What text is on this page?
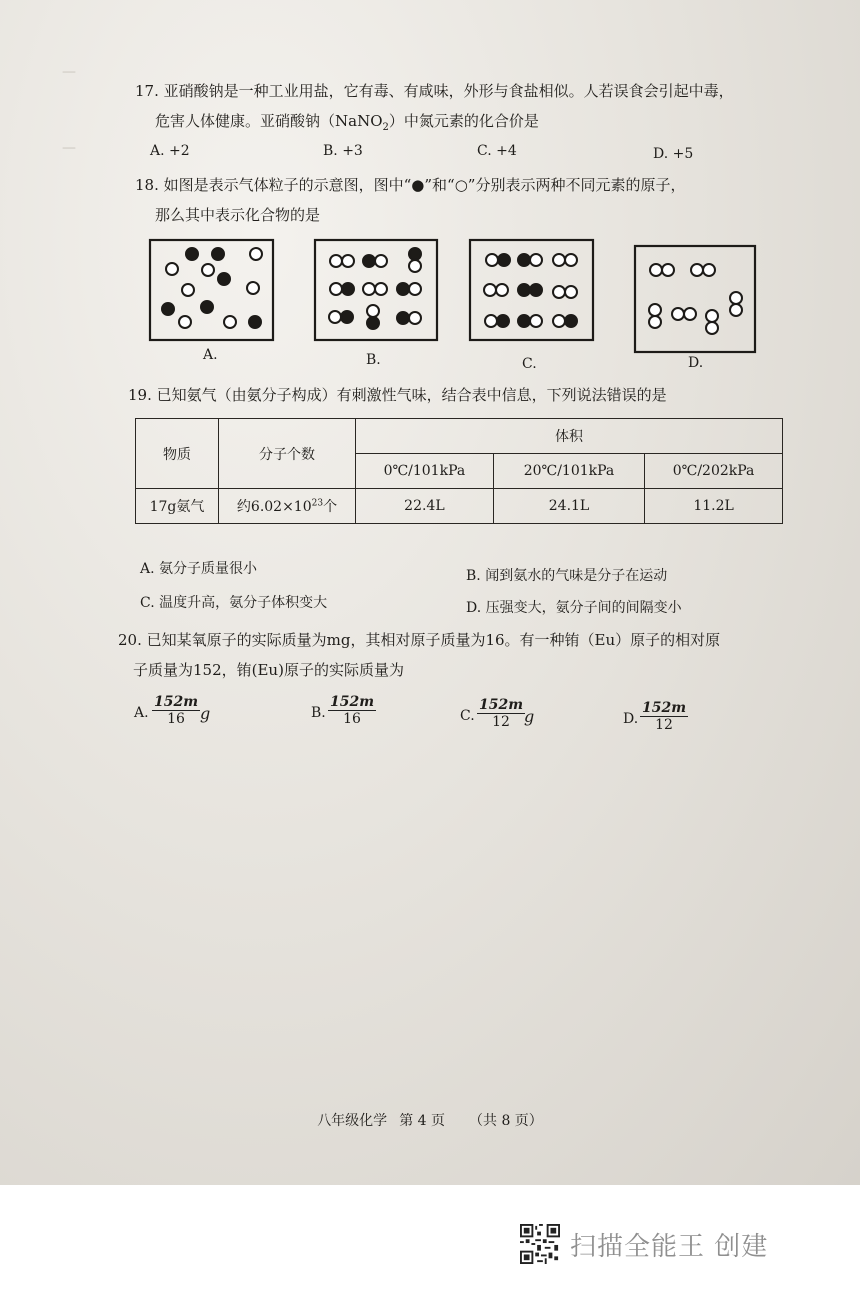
—
—
17. 亚硝酸钠是一种工业用盐，它有毒、有咸味，外形与食盐相似。人若误食会引起中毒，
危害人体健康。亚硝酸钠（NaNO$_2$）中氮元素的化合价是
A. +2	B. +3	C. +4	D. +5
18. 如图是表示气体粒子的示意图，图中“●”和“○”分别表示两种不同元素的原子，
那么其中表示化合物的是
A.	B.	C.	D.
19. 已知氨气（由氨分子构成）有刺激性气味，结合表中信息，下列说法错误的是
物质	分子个数	体积		
		0℃/101kPa	20℃/101kPa	0℃/202kPa
17g氨气	约$6.02\times 10^{23}$个	22.4L	24.1L	11.2L
A. 氨分子质量很小	B. 闻到氨水的气味是分子在运动
C. 温度升高，氨分子体积变大	D. 压强变大，氨分子间的间隔变小
20. 已知某氧原子的实际质量为mg，其相对原子质量为16。有一种铕（Eu）原子的相对原
子质量为152，铕(Eu)原子的实际质量为
A. $\frac{152m}{16}$ g	B. $\frac{152m}{16}$	C. $\frac{152m}{12}$
g	D. $\frac{152m}{12}$
八年级化学 第 4 页 （共 8 页）
扫描全能王 创建
